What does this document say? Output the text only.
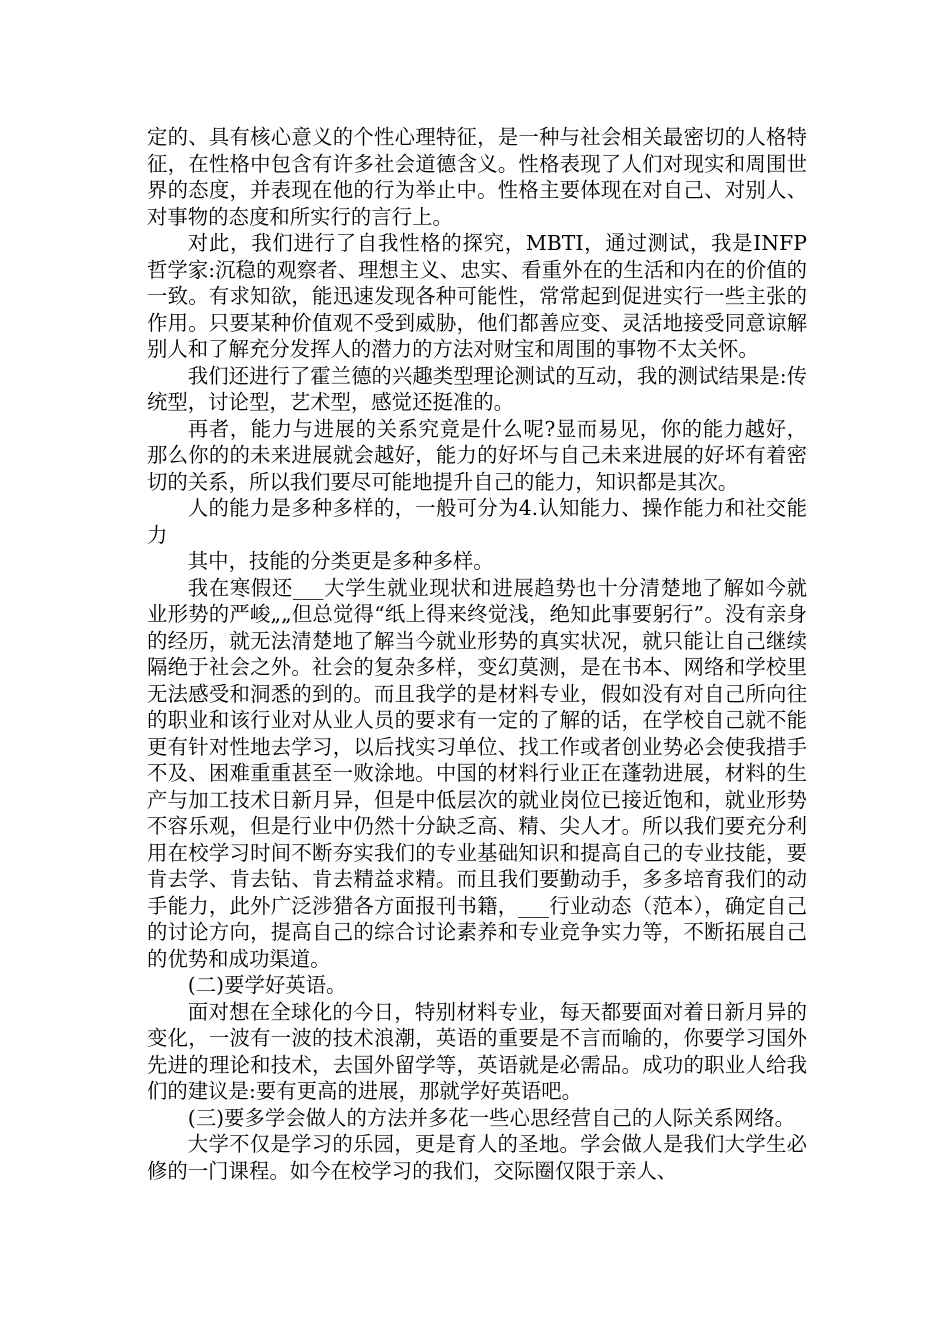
定的、具有核心意义的个性心理特征，是一种与社会相关最密切的人格特征，在性格中包含有许多社会道德含义。性格表现了人们对现实和周围世界的态度，并表现在他的行为举止中。性格主要体现在对自己、对别人、对事物的态度和所实行的言行上。

对此，我们进行了自我性格的探究，MBTI，通过测试，我是INFP哲学家:沉稳的观察者、理想主义、忠实、看重外在的生活和内在的价值的一致。有求知欲，能迅速发现各种可能性，常常起到促进实行一些主张的作用。只要某种价值观不受到威胁，他们都善应变、灵活地接受同意谅解别人和了解充分发挥人的潜力的方法对财宝和周围的事物不太关怀。

我们还进行了霍兰德的兴趣类型理论测试的互动，我的测试结果是:传统型，讨论型，艺术型，感觉还挺准的。

再者，能力与进展的关系究竟是什么呢?显而易见，你的能力越好，那么你的的未来进展就会越好，能力的好坏与自己未来进展的好坏有着密切的关系，所以我们要尽可能地提升自己的能力，知识都是其次。

人的能力是多种多样的，一般可分为4.认知能力、操作能力和社交能力

其中，技能的分类更是多种多样。

我在寒假还___大学生就业现状和进展趋势也十分清楚地了解如今就业形势的严峻„„但总觉得“纸上得来终觉浅，绝知此事要躬行”。没有亲身的经历，就无法清楚地了解当今就业形势的真实状况，就只能让自己继续隔绝于社会之外。社会的复杂多样，变幻莫测，是在书本、网络和学校里无法感受和洞悉的到的。而且我学的是材料专业，假如没有对自己所向往的职业和该行业对从业人员的要求有一定的了解的话，在学校自己就不能更有针对性地去学习，以后找实习单位、找工作或者创业势必会使我措手不及、困难重重甚至一败涂地。中国的材料行业正在蓬勃进展，材料的生产与加工技术日新月异，但是中低层次的就业岗位已接近饱和，就业形势不容乐观，但是行业中仍然十分缺乏高、精、尖人才。所以我们要充分利用在校学习时间不断夯实我们的专业基础知识和提高自己的专业技能，要肯去学、肯去钻、肯去精益求精。而且我们要勤动手，多多培育我们的动手能力，此外广泛涉猎各方面报刊书籍，___行业动态（范本），确定自己的讨论方向，提高自己的综合讨论素养和专业竞争实力等，不断拓展自己的优势和成功渠道。

(二)要学好英语。

面对想在全球化的今日，特别材料专业，每天都要面对着日新月异的变化，一波有一波的技术浪潮，英语的重要是不言而喻的，你要学习国外先进的理论和技术，去国外留学等，英语就是必需品。成功的职业人给我们的建议是:要有更高的进展，那就学好英语吧。

(三)要多学会做人的方法并多花一些心思经营自己的人际关系网络。

大学不仅是学习的乐园，更是育人的圣地。学会做人是我们大学生必修的一门课程。如今在校学习的我们，交际圈仅限于亲人、
